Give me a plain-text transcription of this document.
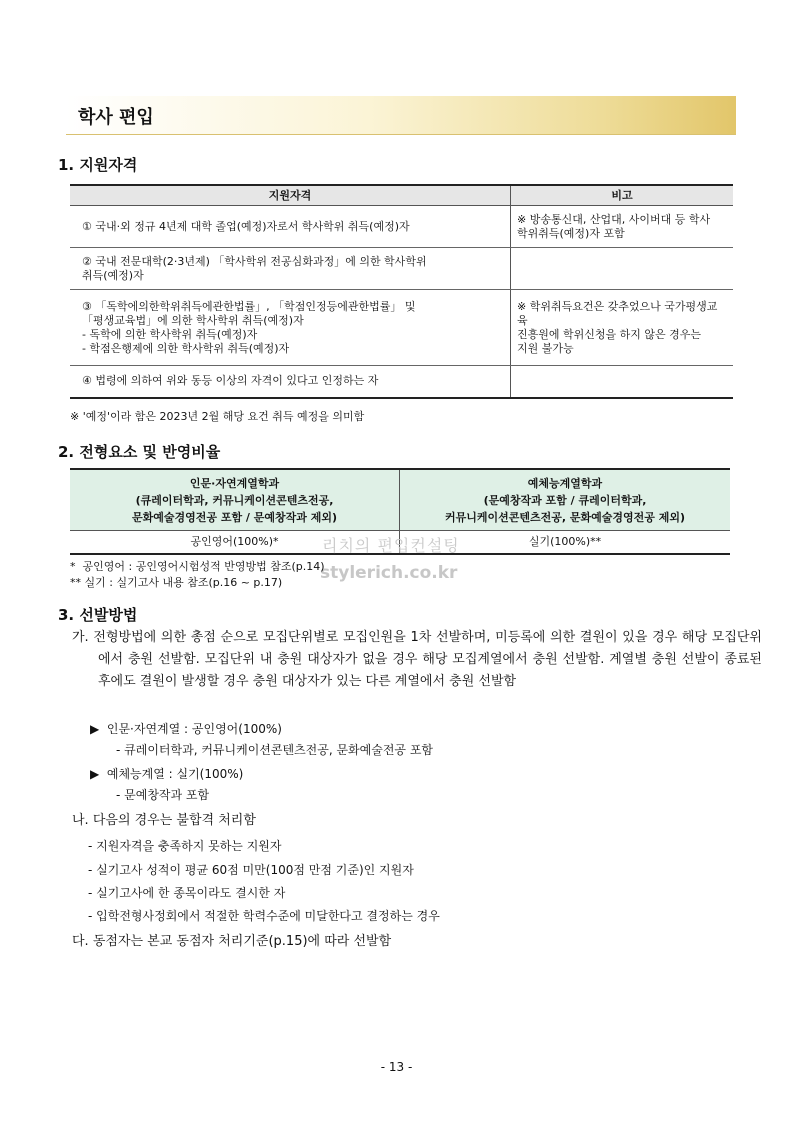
학사 편입
1. 지원자격
지원자격	비고
① 국내·외 정규 4년제 대학 졸업(예정)자로서 학사학위 취득(예정)자	※ 방송통신대, 산업대, 사이버대 등 학사
학위취득(예정)자 포함
② 국내 전문대학(2·3년제) 「학사학위 전공심화과정」에 의한 학사학위
취득(예정)자	
③ 「독학에의한학위취득에관한법률」, 「학점인정등에관한법률」 및
「평생교육법」에 의한 학사학위 취득(예정)자
- 독학에 의한 학사학위 취득(예정)자
- 학점은행제에 의한 학사학위 취득(예정)자	※ 학위취득요건은 갖추었으나 국가평생교육
진흥원에 학위신청을 하지 않은 경우는
지원 불가능
④ 법령에 의하여 위와 동등 이상의 자격이 있다고 인정하는 자	
※ '예정'이라 함은 2023년 2월 해당 요건 취득 예정을 의미함
2. 전형요소 및 반영비율
인문·자연계열학과
(큐레이터학과, 커뮤니케이션콘텐츠전공,
문화예술경영전공 포함 / 문예창작과 제외)	예체능계열학과
(문예창작과 포함 / 큐레이터학과,
커뮤니케이션콘텐츠전공, 문화예술경영전공 제외)
공인영어(100%)*	실기(100%)**
리치의 편입컨설팅
stylerich.co.kr
*  공인영어 : 공인영어시험성적 반영방법 참조(p.14)
** 실기 : 실기고사 내용 참조(p.16 ~ p.17)
3. 선발방법
가. 전형방법에 의한 총점 순으로 모집단위별로 모집인원을 1차 선발하며, 미등록에 의한 결원이 있을 경우 해당 모집단위에서 충원 선발함. 모집단위 내 충원 대상자가 없을 경우 해당 모집계열에서 충원 선발함. 계열별 충원 선발이 종료된 후에도 결원이 발생할 경우 충원 대상자가 있는 다른 계열에서 충원 선발함
▶  인문·자연계열 : 공인영어(100%)
- 큐레이터학과, 커뮤니케이션콘텐츠전공, 문화예술전공 포함
▶  예체능계열 : 실기(100%)
- 문예창작과 포함
나. 다음의 경우는 불합격 처리함
- 지원자격을 충족하지 못하는 지원자
- 실기고사 성적이 평균 60점 미만(100점 만점 기준)인 지원자
- 실기고사에 한 종목이라도 결시한 자
- 입학전형사정회에서 적절한 학력수준에 미달한다고 결정하는 경우
다. 동점자는 본교 동점자 처리기준(p.15)에 따라 선발함
- 13 -
